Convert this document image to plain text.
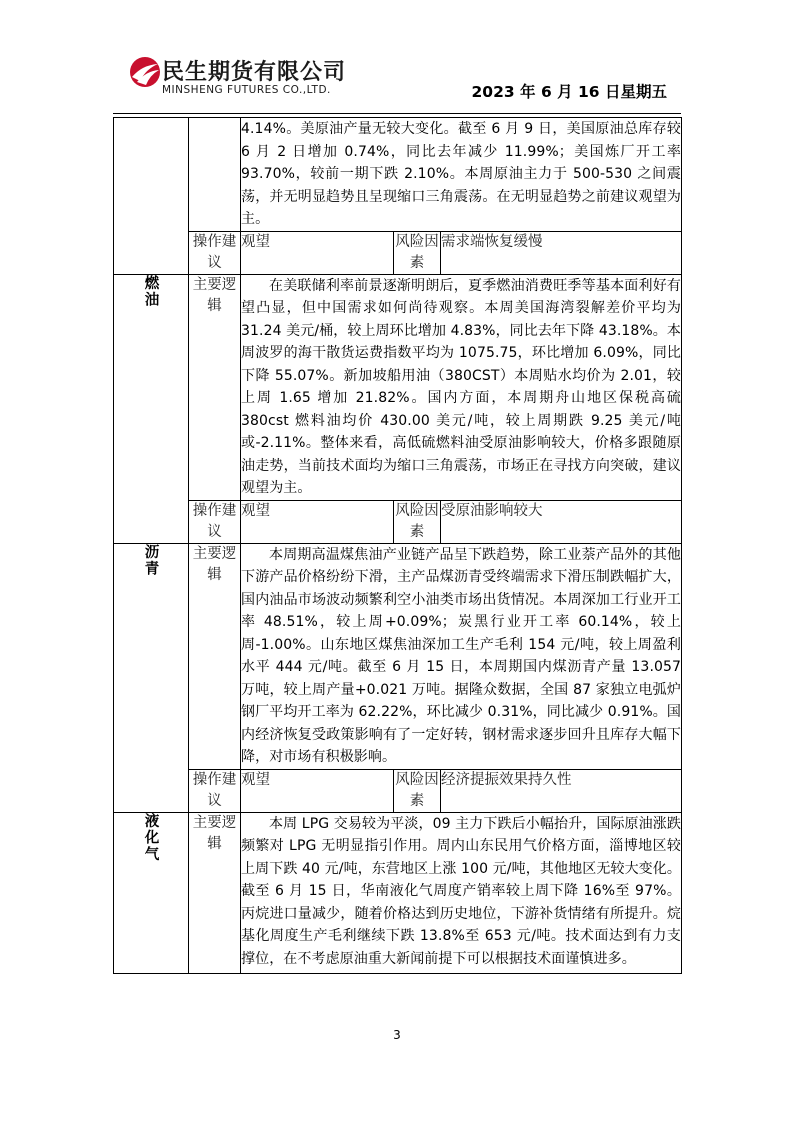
民生期货有限公司
MINSHENG FUTURES CO.,LTD.	2023 年 6 月 16 日星期五

		4.14%。美原油产量无较大变化。截至 6 月 9 日，美国原油总库存较 6 月 2 日增加 0.74%，同比去年减少 11.99%；美国炼厂开工率 93.70%，较前一期下跌 2.10%。本周原油主力于 500-530 之间震荡，并无明显趋势且呈现缩口三角震荡。在无明显趋势之前建议观望为主。		

	操作建议	观望	风险因素	需求端恢复缓慢
燃油	主要逻辑	在美联储利率前景逐渐明朗后，夏季燃油消费旺季等基本面利好有望凸显，但中国需求如何尚待观察。本周美国海湾裂解差价平均为 31.24 美元/桶，较上周环比增加 4.83%，同比去年下降 43.18%。本周波罗的海干散货运费指数平均为 1075.75，环比增加 6.09%，同比下降 55.07%。新加坡船用油（380CST）本周贴水均价为 2.01，较上周 1.65 增加 21.82%。国内方面，本周期舟山地区保税高硫 380cst 燃料油均价 430.00 美元/吨，较上周期跌 9.25 美元/吨或-2.11%。整体来看，高低硫燃料油受原油影响较大，价格多跟随原油走势，当前技术面均为缩口三角震荡，市场正在寻找方向突破，建议观望为主。		

	操作建议	观望	风险因素	受原油影响较大
沥青	主要逻辑	本周期高温煤焦油产业链产品呈下跌趋势，除工业萘产品外的其他下游产品价格纷纷下滑，主产品煤沥青受终端需求下滑压制跌幅扩大，国内油品市场波动频繁利空小油类市场出货情况。本周深加工行业开工率 48.51%，较上周+0.09%；炭黑行业开工率 60.14%，较上周-1.00%。山东地区煤焦油深加工生产毛利 154 元/吨，较上周盈利水平 444 元/吨。截至 6 月 15 日，本周期国内煤沥青产量 13.057 万吨，较上周产量+0.021 万吨。据隆众数据，全国 87 家独立电弧炉钢厂平均开工率为 62.22%，环比减少 0.31%，同比减少 0.91%。国内经济恢复受政策影响有了一定好转，钢材需求逐步回升且库存大幅下降，对市场有积极影响。		

	操作建议	观望	风险因素	经济提振效果持久性
液化气	主要逻辑	本周 LPG 交易较为平淡，09 主力下跌后小幅抬升，国际原油涨跌频繁对 LPG 无明显指引作用。周内山东民用气价格方面，淄博地区较上周下跌 40 元/吨，东营地区上涨 100 元/吨，其他地区无较大变化。截至 6 月 15 日，华南液化气周度产销率较上周下降 16%至 97%。丙烷进口量减少，随着价格达到历史地位，下游补货情绪有所提升。烷基化周度生产毛利继续下跌 13.8%至 653 元/吨。技术面达到有力支撑位，在不考虑原油重大新闻前提下可以根据技术面谨慎进多。		

3
